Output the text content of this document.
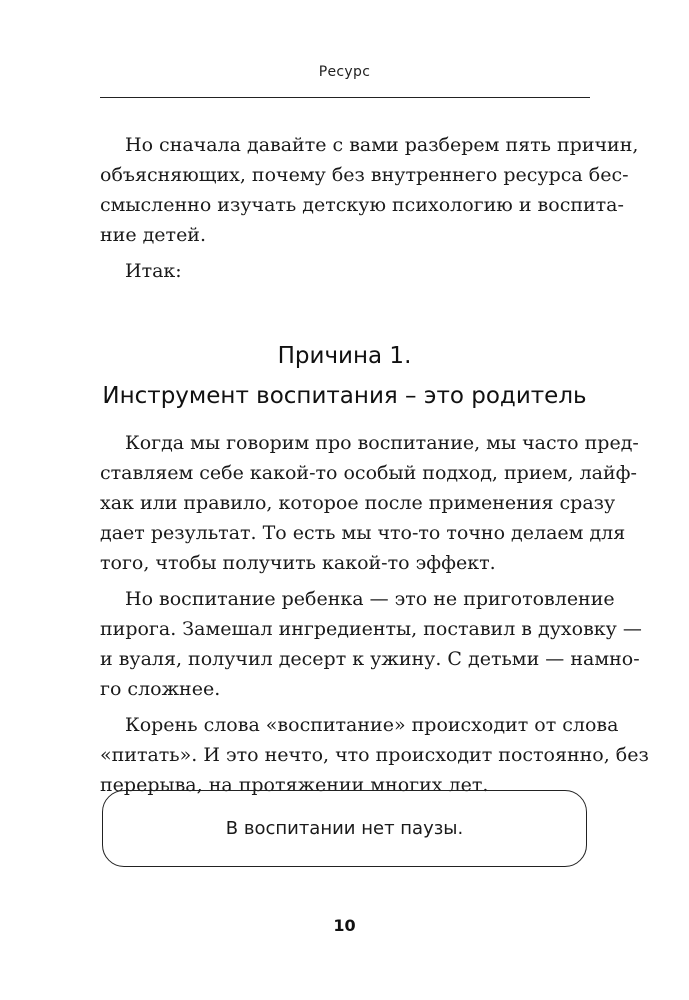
Ресурс
Но сначала давайте с вами разберем пять причин,
объясняющих, почему без внутреннего ресурса бес-
смысленно изучать детскую психологию и воспита-
ние детей.
Итак:
Причина 1.
Инструмент воспитания – это родитель
Когда мы говорим про воспитание, мы часто пред-
ставляем себе какой-то особый подход, прием, лайф-
хак или правило, которое после применения сразу
дает результат. То есть мы что-то точно делаем для
того, чтобы получить какой-то эффект.
Но воспитание ребенка — это не приготовление
пирога. Замешал ингредиенты, поставил в духовку —
и вуаля, получил десерт к ужину. С детьми — намно-
го сложнее.
Корень слова «воспитание» происходит от слова
«питать». И это нечто, что происходит постоянно, без
перерыва, на протяжении многих лет.
В воспитании нет паузы.
10
